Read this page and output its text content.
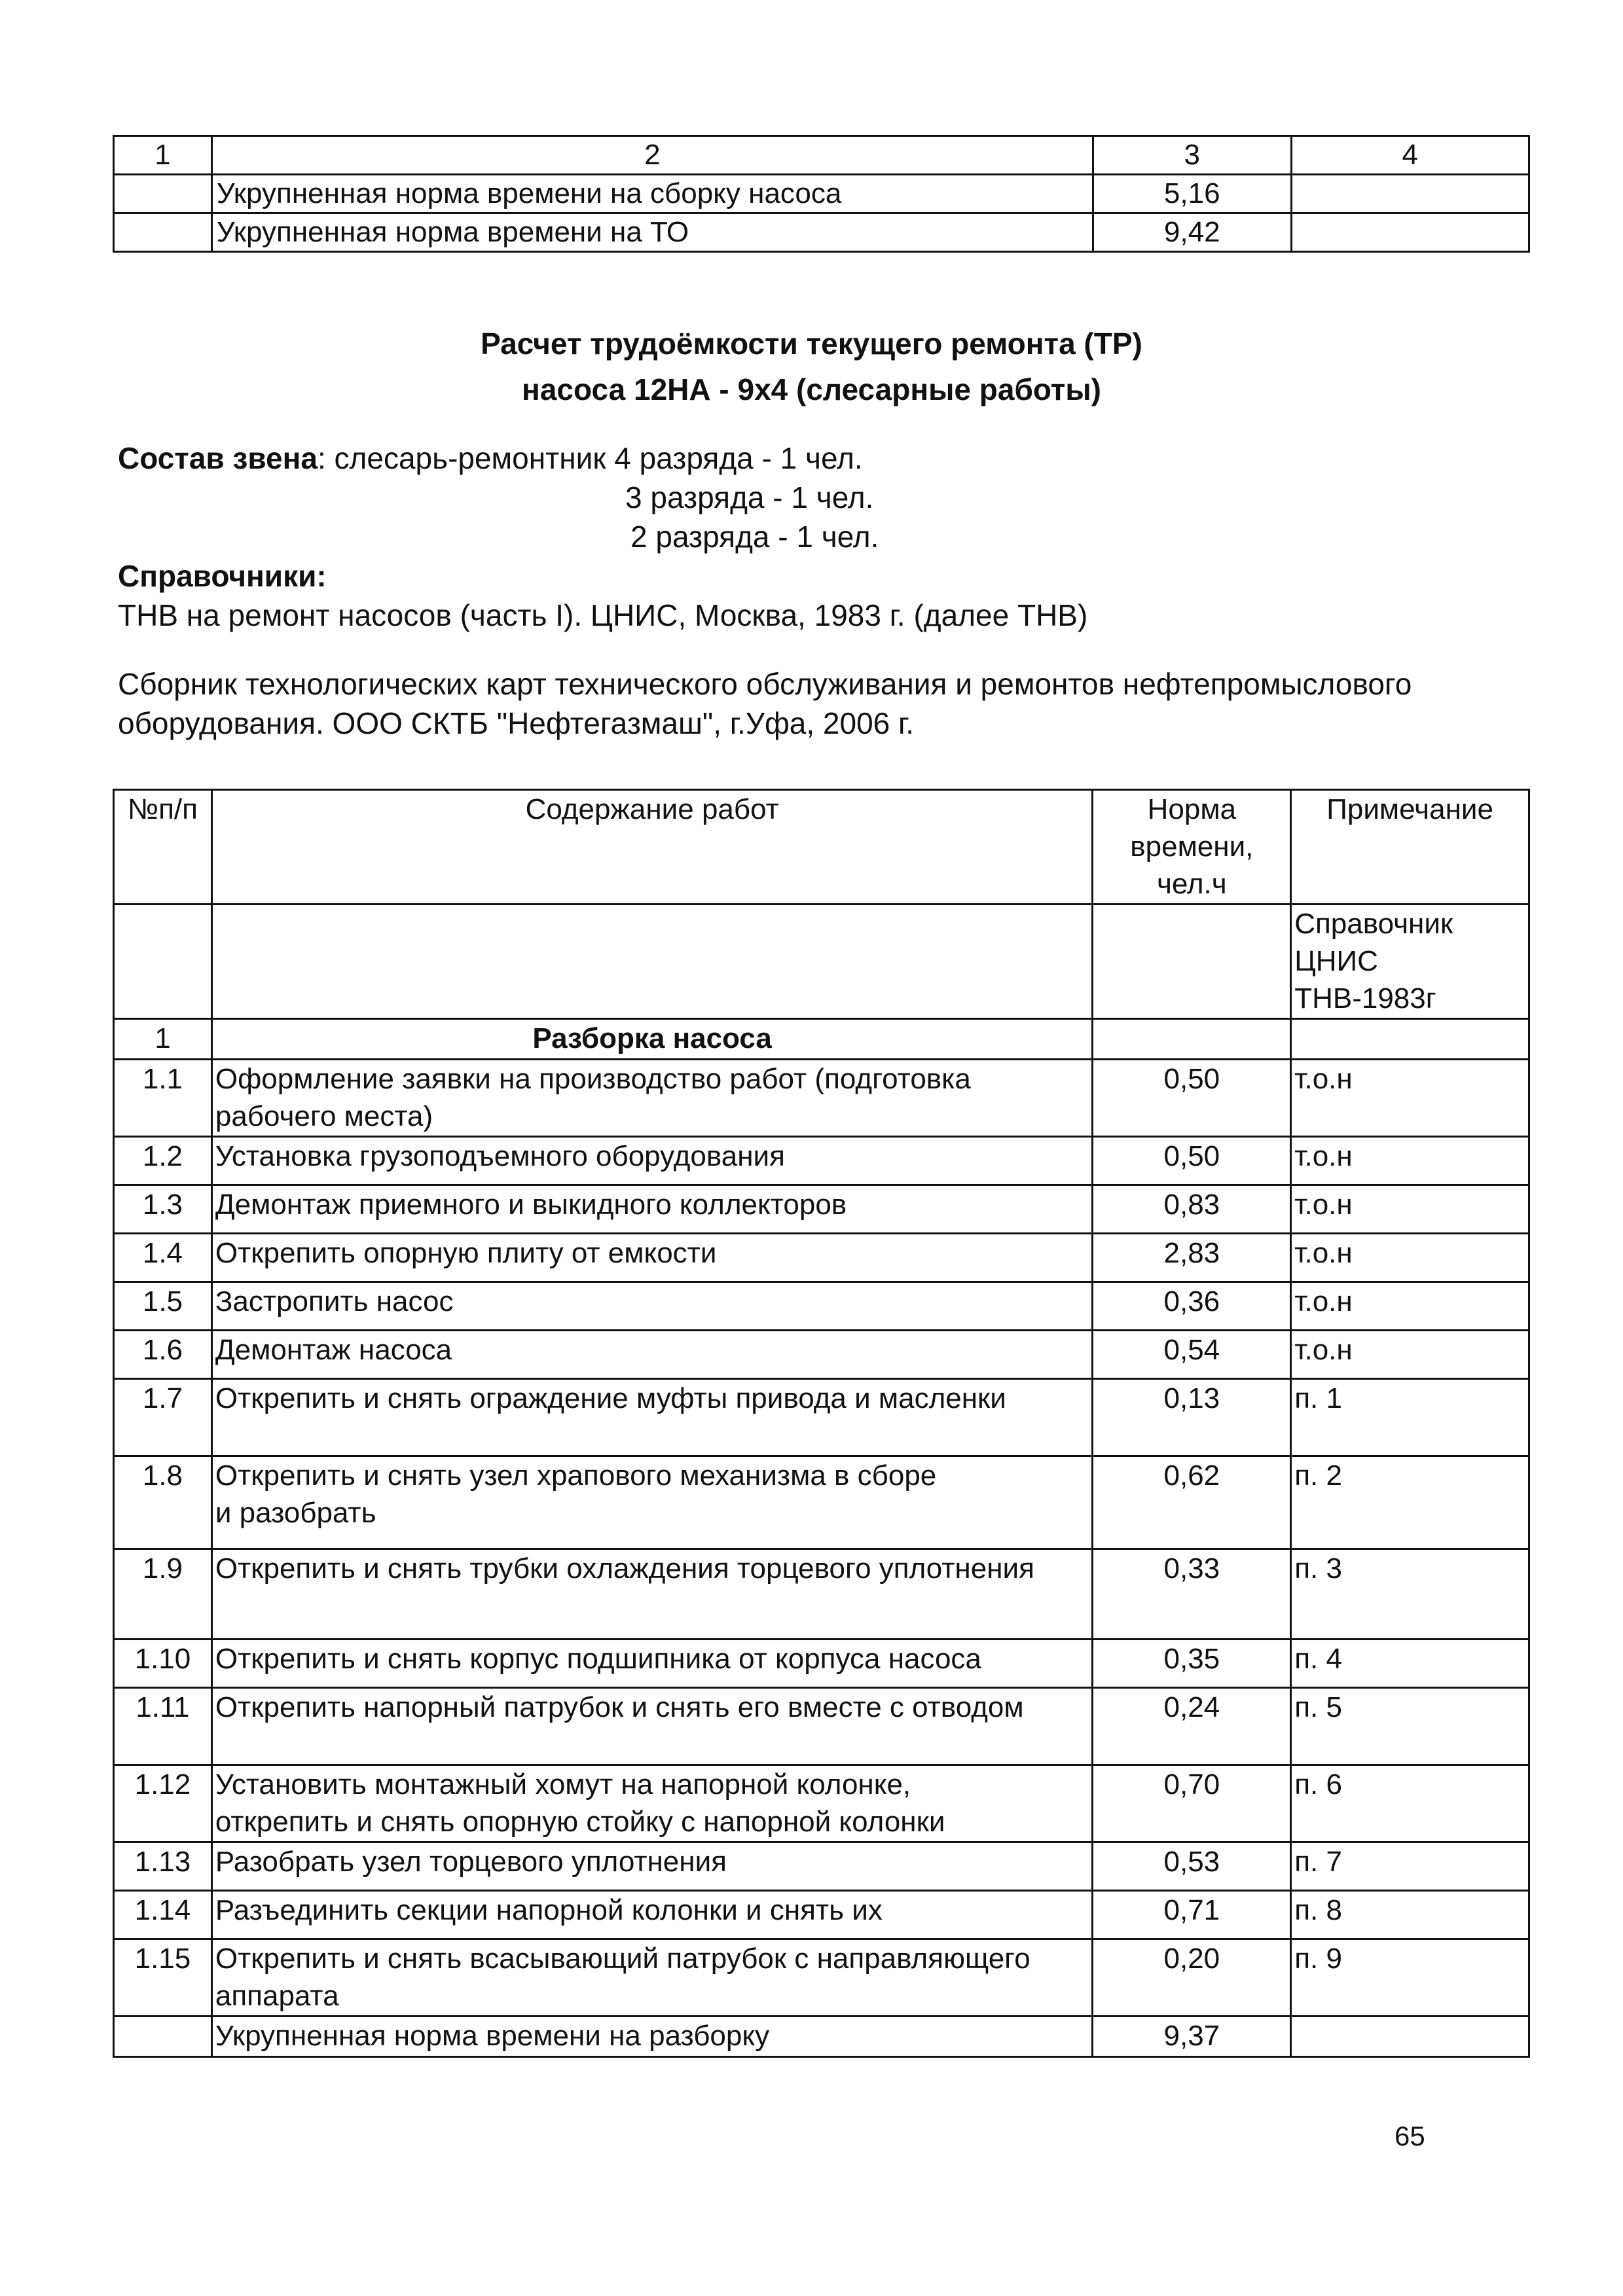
1	2	3	4
	Укрупненная норма времени на сборку насоса	5,16	
	Укрупненная норма времени на ТО	9,42	
Расчет трудоёмкости текущего ремонта (ТР)
насоса 12НА - 9х4 (слесарные работы)
Состав звена: слесарь-ремонтник 4 разряда - 1 чел.
3 разряда - 1 чел.
2 разряда - 1 чел.
Справочники:
ТНВ на ремонт насосов (часть I). ЦНИС, Москва, 1983 г. (далее ТНВ)
Сборник технологических карт технического обслуживания и ремонтов нефтепромыслового
оборудования. ООО СКТБ "Нефтегазмаш", г.Уфа, 2006 г.
№п/п	Содержание работ	Норма
времени,
чел.ч	Примечание

			Справочник
ЦНИС
ТНВ-1983г

1	Разборка насоса		
1.1	Оформление заявки на производство работ (подготовка
рабочего места)	0,50	т.о.н
1.2	Установка грузоподъемного оборудования	0,50	т.о.н
1.3	Демонтаж приемного и выкидного коллекторов	0,83	т.о.н
1.4	Открепить опорную плиту от емкости	2,83	т.о.н
1.5	Застропить насос	0,36	т.о.н
1.6	Демонтаж насоса	0,54	т.о.н
1.7	Открепить и снять ограждение муфты привода и масленки	0,13	п. 1
1.8	Открепить и снять узел храпового механизма в сборе
и разобрать	0,62	п. 2
1.9	Открепить и снять трубки охлаждения торцевого уплотнения	0,33	п. 3
1.10	Открепить и снять корпус подшипника от корпуса насоса	0,35	п. 4
1.11	Открепить напорный патрубок и снять его вместе с отводом	0,24	п. 5
1.12	Установить монтажный хомут на напорной колонке,
открепить и снять опорную стойку с напорной колонки	0,70	п. 6
1.13	Разобрать узел торцевого уплотнения	0,53	п. 7
1.14	Разъединить секции напорной колонки и снять их	0,71	п. 8
1.15	Открепить и снять всасывающий патрубок с направляющего
аппарата	0,20	п. 9
	Укрупненная норма времени на разборку	9,37	
65
